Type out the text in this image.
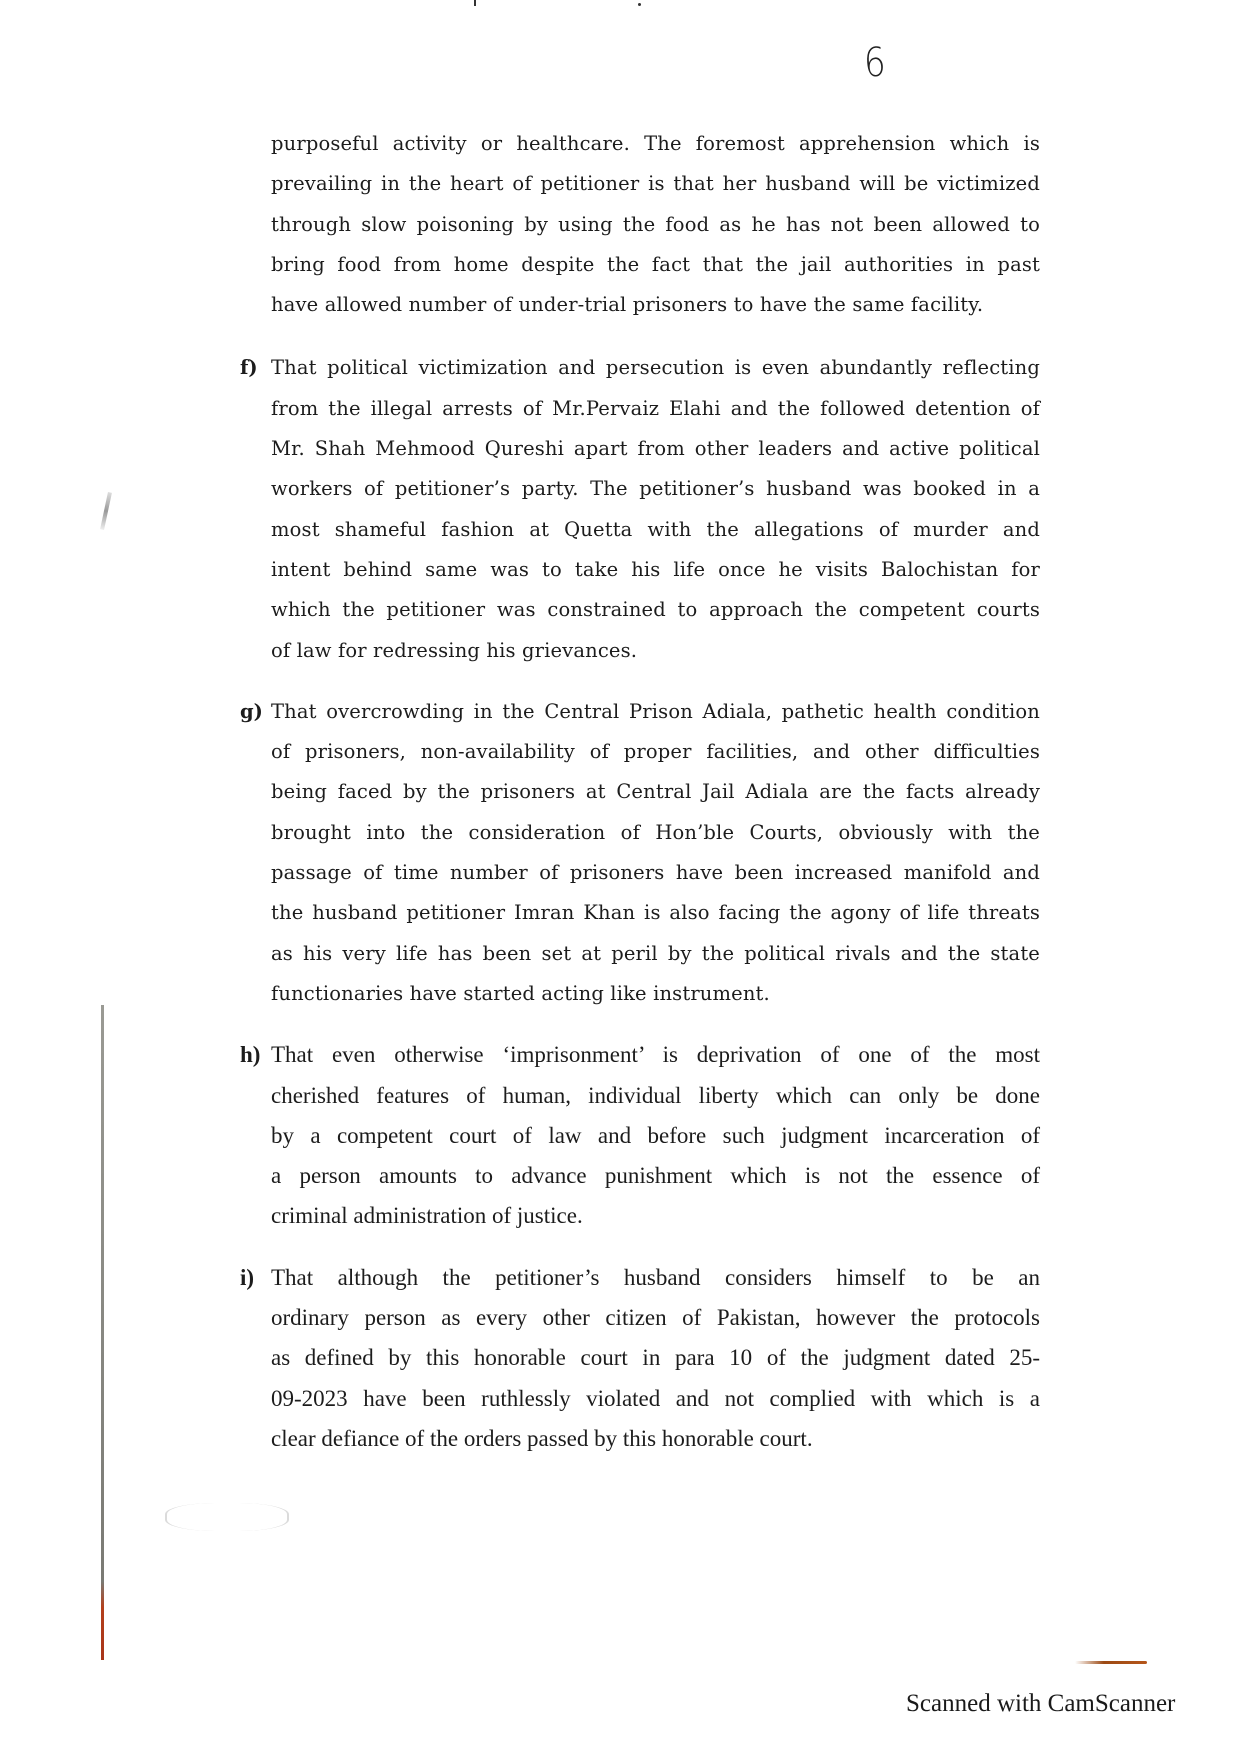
6
purposeful activity or healthcare. The foremost apprehension which is
prevailing in the heart of petitioner is that her husband will be victimized
through slow poisoning by using the food as he has not been allowed to
bring food from home despite the fact that the jail authorities in past
have allowed number of under-trial prisoners to have the same facility.
f) That political victimization and persecution is even abundantly reflecting
from the illegal arrests of Mr.Pervaiz Elahi and the followed detention of
Mr. Shah Mehmood Qureshi apart from other leaders and active political
workers of petitioner’s party. The petitioner’s husband was booked in a
most shameful fashion at Quetta with the allegations of murder and
intent behind same was to take his life once he visits Balochistan for
which the petitioner was constrained to approach the competent courts
of law for redressing his grievances.
g) That overcrowding in the Central Prison Adiala, pathetic health condition
of prisoners, non-availability of proper facilities, and other difficulties
being faced by the prisoners at Central Jail Adiala are the facts already
brought into the consideration of Hon’ble Courts, obviously with the
passage of time number of prisoners have been increased manifold and
the husband petitioner Imran Khan is also facing the agony of life threats
as his very life has been set at peril by the political rivals and the state
functionaries have started acting like instrument.
h) That even otherwise ‘imprisonment’ is deprivation of one of the most
cherished features of human, individual liberty which can only be done
by a competent court of law and before such judgment incarceration of
a person amounts to advance punishment which is not the essence of
criminal administration of justice.
i) That although the petitioner’s husband considers himself to be an
ordinary person as every other citizen of Pakistan, however the protocols
as defined by this honorable court in para 10 of the judgment dated 25-
09-2023 have been ruthlessly violated and not complied with which is a
clear defiance of the orders passed by this honorable court.
Scanned with CamScanner
